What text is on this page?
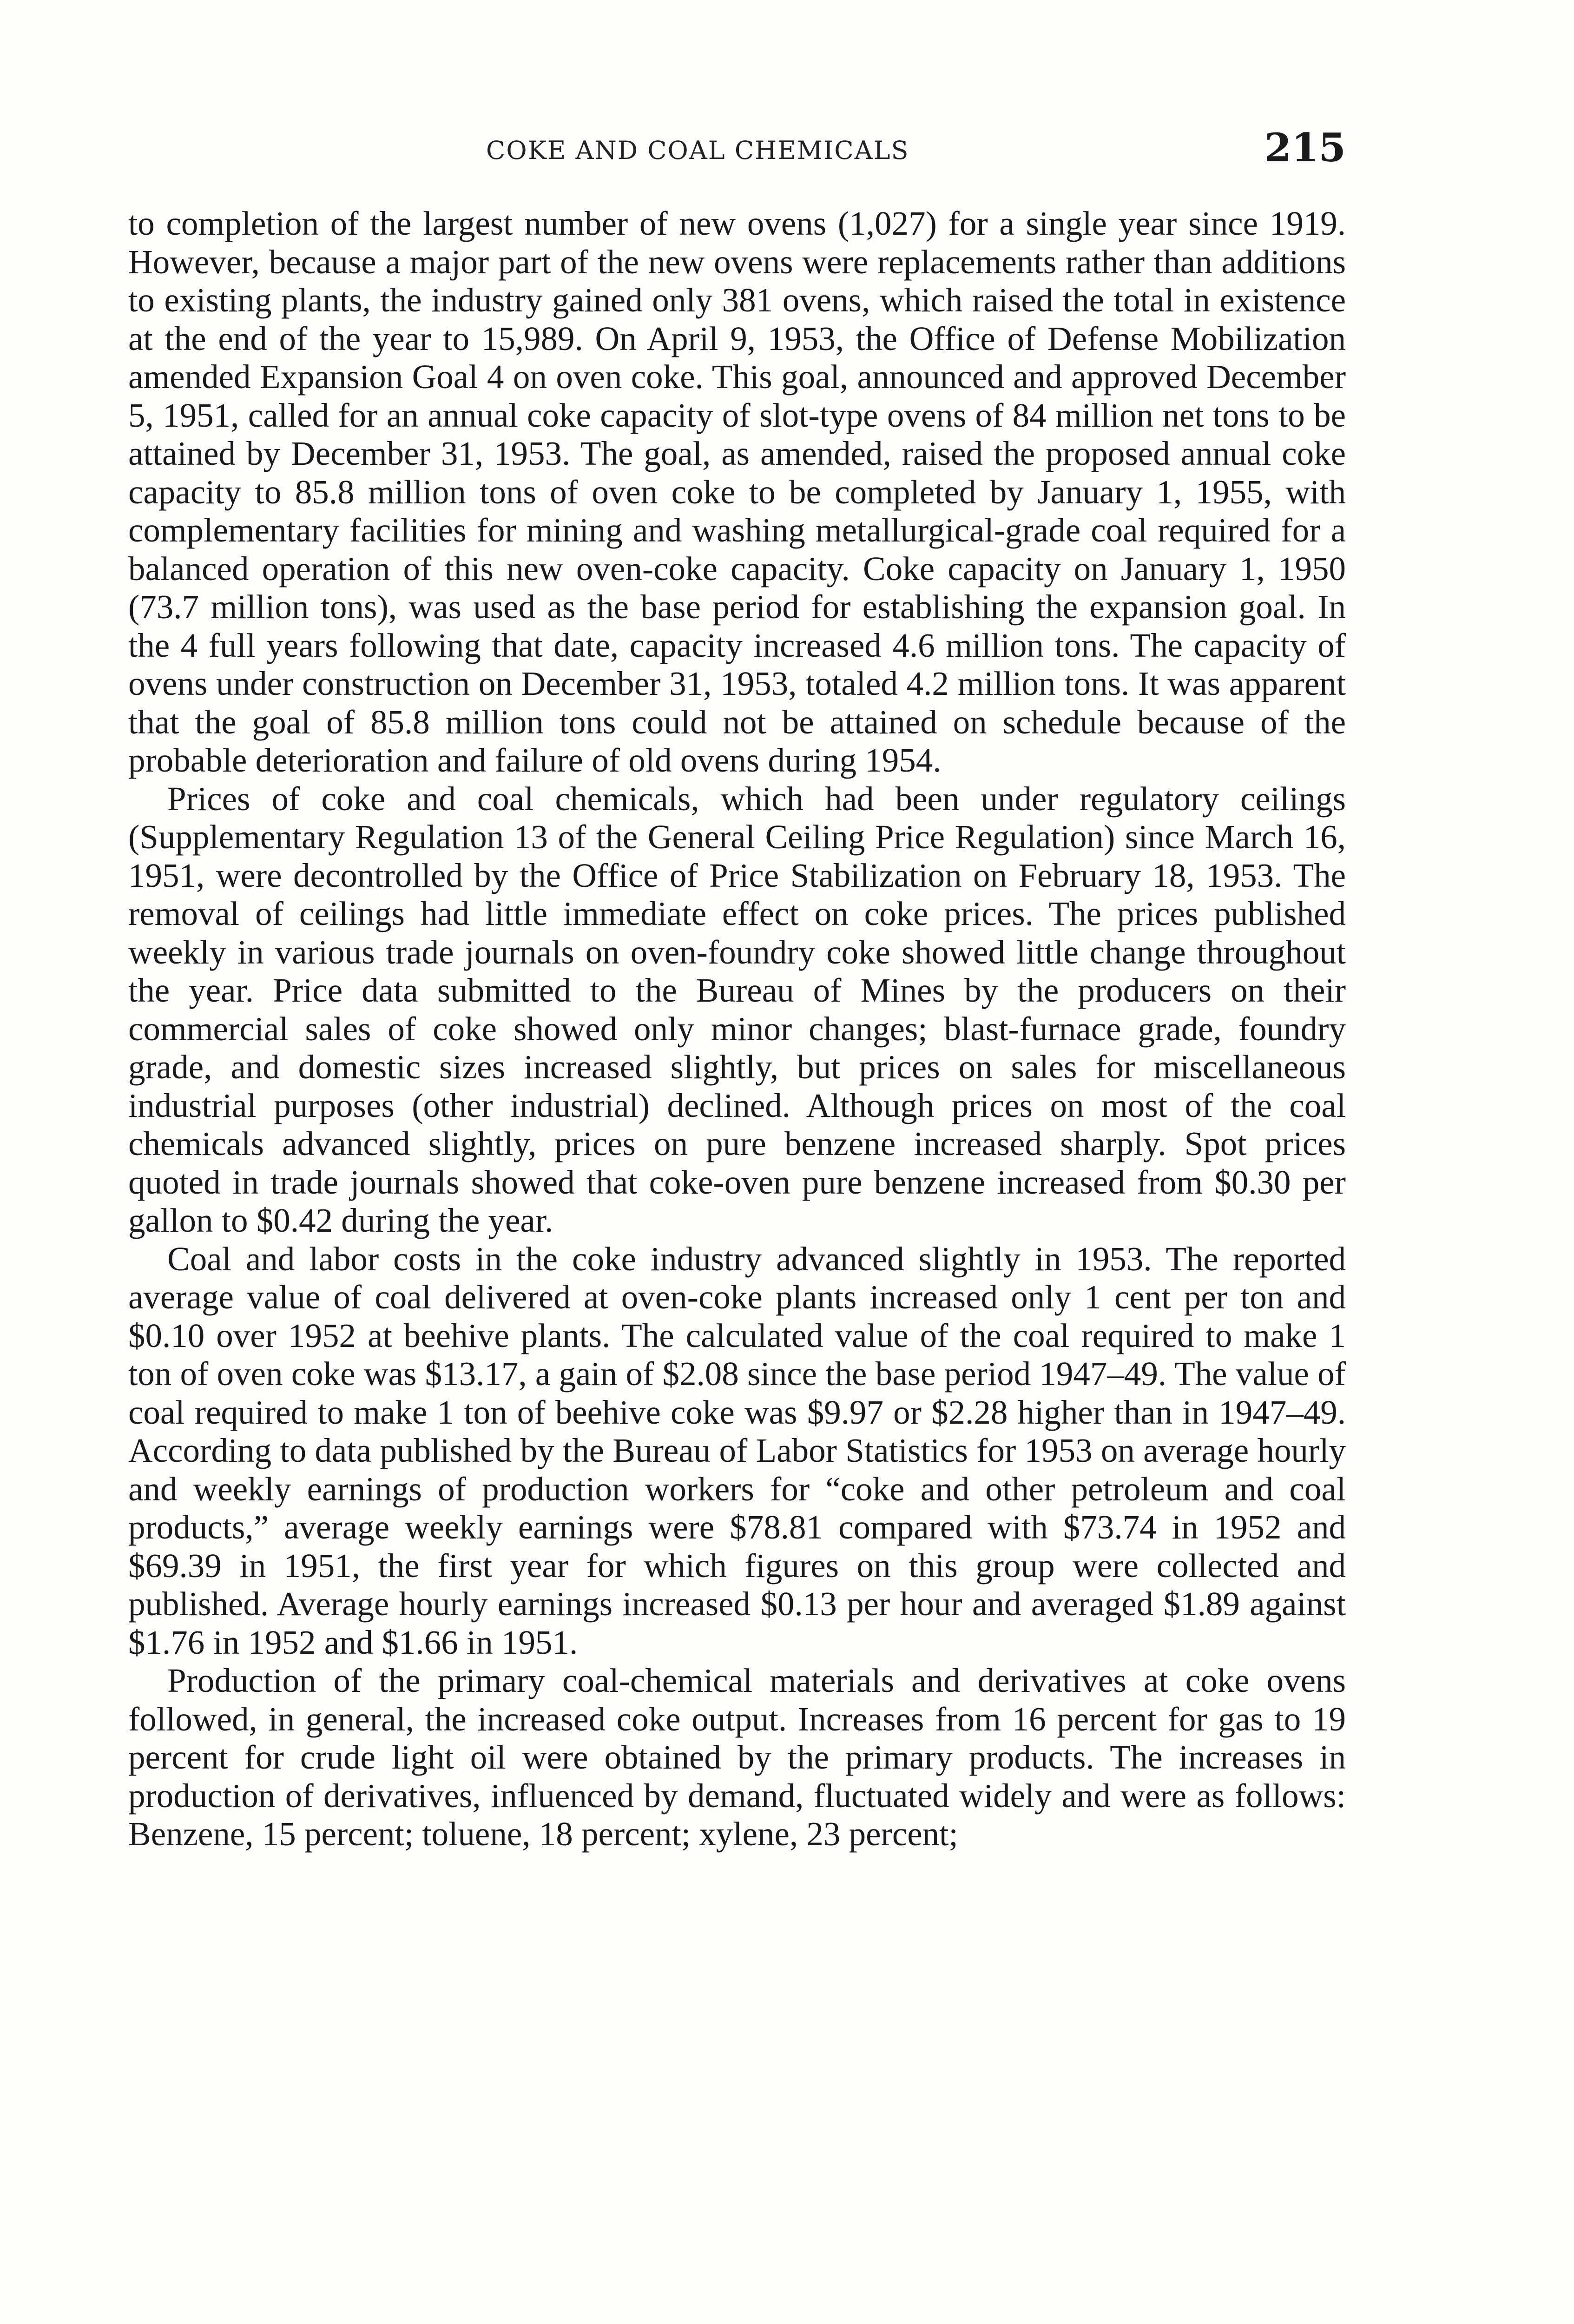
COKE AND COAL CHEMICALS	215

to completion of the largest number of new ovens (1,027) for a single year since 1919. However, because a major part of the new ovens were replacements rather than additions to existing plants, the industry gained only 381 ovens, which raised the total in existence at the end of the year to 15,989. On April 9, 1953, the Office of Defense Mobilization amended Expansion Goal 4 on oven coke. This goal, announced and approved December 5, 1951, called for an annual coke capacity of slot-type ovens of 84 million net tons to be attained by December 31, 1953. The goal, as amended, raised the proposed annual coke capacity to 85.8 million tons of oven coke to be completed by January 1, 1955, with complementary facilities for mining and washing metallurgical-grade coal required for a balanced operation of this new oven-coke capacity. Coke capacity on January 1, 1950 (73.7 million tons), was used as the base period for establishing the expansion goal. In the 4 full years following that date, capacity increased 4.6 million tons. The capacity of ovens under construction on December 31, 1953, totaled 4.2 million tons. It was apparent that the goal of 85.8 million tons could not be attained on schedule because of the probable deterioration and failure of old ovens during 1954.

Prices of coke and coal chemicals, which had been under regulatory ceilings (Supplementary Regulation 13 of the General Ceiling Price Regulation) since March 16, 1951, were decontrolled by the Office of Price Stabilization on February 18, 1953. The removal of ceilings had little immediate effect on coke prices. The prices published weekly in various trade journals on oven-foundry coke showed little change throughout the year. Price data submitted to the Bureau of Mines by the producers on their commercial sales of coke showed only minor changes; blast-furnace grade, foundry grade, and domestic sizes increased slightly, but prices on sales for miscellaneous industrial purposes (other industrial) declined. Although prices on most of the coal chemicals advanced slightly, prices on pure benzene increased sharply. Spot prices quoted in trade journals showed that coke-oven pure benzene increased from $0.30 per gallon to $0.42 during the year.

Coal and labor costs in the coke industry advanced slightly in 1953. The reported average value of coal delivered at oven-coke plants increased only 1 cent per ton and $0.10 over 1952 at beehive plants. The calculated value of the coal required to make 1 ton of oven coke was $13.17, a gain of $2.08 since the base period 1947–49. The value of coal required to make 1 ton of beehive coke was $9.97 or $2.28 higher than in 1947–49. According to data published by the Bureau of Labor Statistics for 1953 on average hourly and weekly earnings of production workers for “coke and other petroleum and coal products,” average weekly earnings were $78.81 compared with $73.74 in 1952 and $69.39 in 1951, the first year for which figures on this group were collected and published. Average hourly earnings increased $0.13 per hour and averaged $1.89 against $1.76 in 1952 and $1.66 in 1951.

Production of the primary coal-chemical materials and derivatives at coke ovens followed, in general, the increased coke output. Increases from 16 percent for gas to 19 percent for crude light oil were obtained by the primary products. The increases in production of derivatives, influenced by demand, fluctuated widely and were as follows: Benzene, 15 percent; toluene, 18 percent; xylene, 23 percent;
